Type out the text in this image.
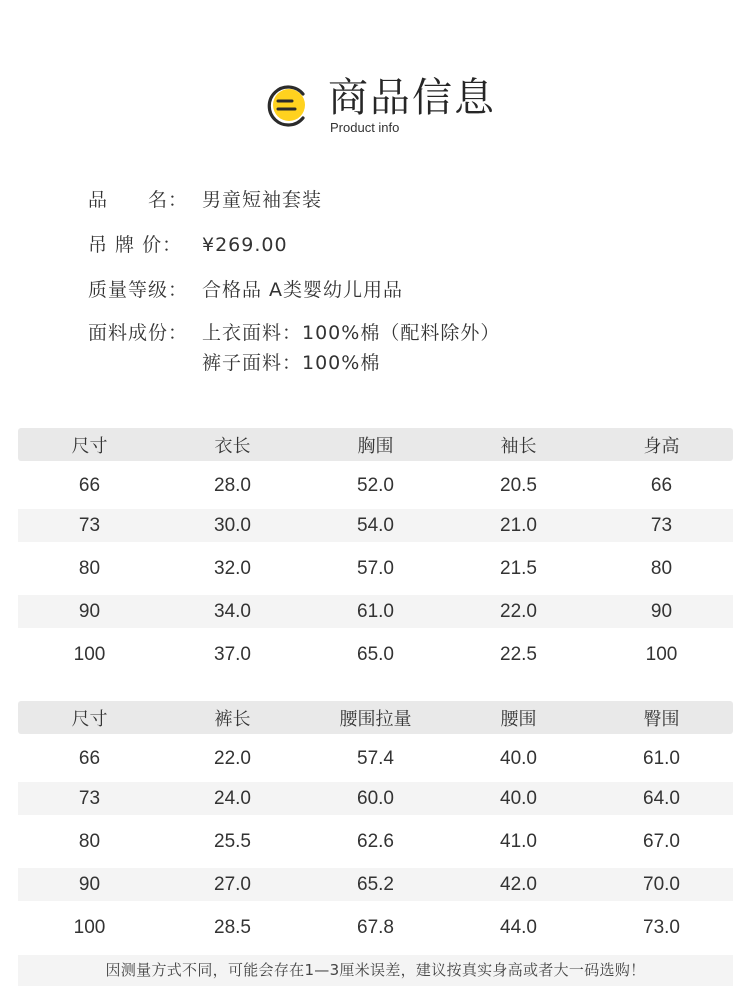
商品信息
Product info
品　　名： 男童短袖套装
吊 牌 价： ¥269.00
质量等级： 合格品 A类婴幼儿用品
面料成份： 上衣面料：100%棉（配料除外）
裤子面料：100%棉
尺寸	衣长	胸围	袖长	身高
66	28.0	52.0	20.5	66
73	30.0	54.0	21.0	73
80	32.0	57.0	21.5	80
90	34.0	61.0	22.0	90
100	37.0	65.0	22.5	100
尺寸	裤长	腰围拉量	腰围	臀围
66	22.0	57.4	40.0	61.0
73	24.0	60.0	40.0	64.0
80	25.5	62.6	41.0	67.0
90	27.0	65.2	42.0	70.0
100	28.5	67.8	44.0	73.0
因测量方式不同，可能会存在1—3厘米误差，建议按真实身高或者大一码选购！
